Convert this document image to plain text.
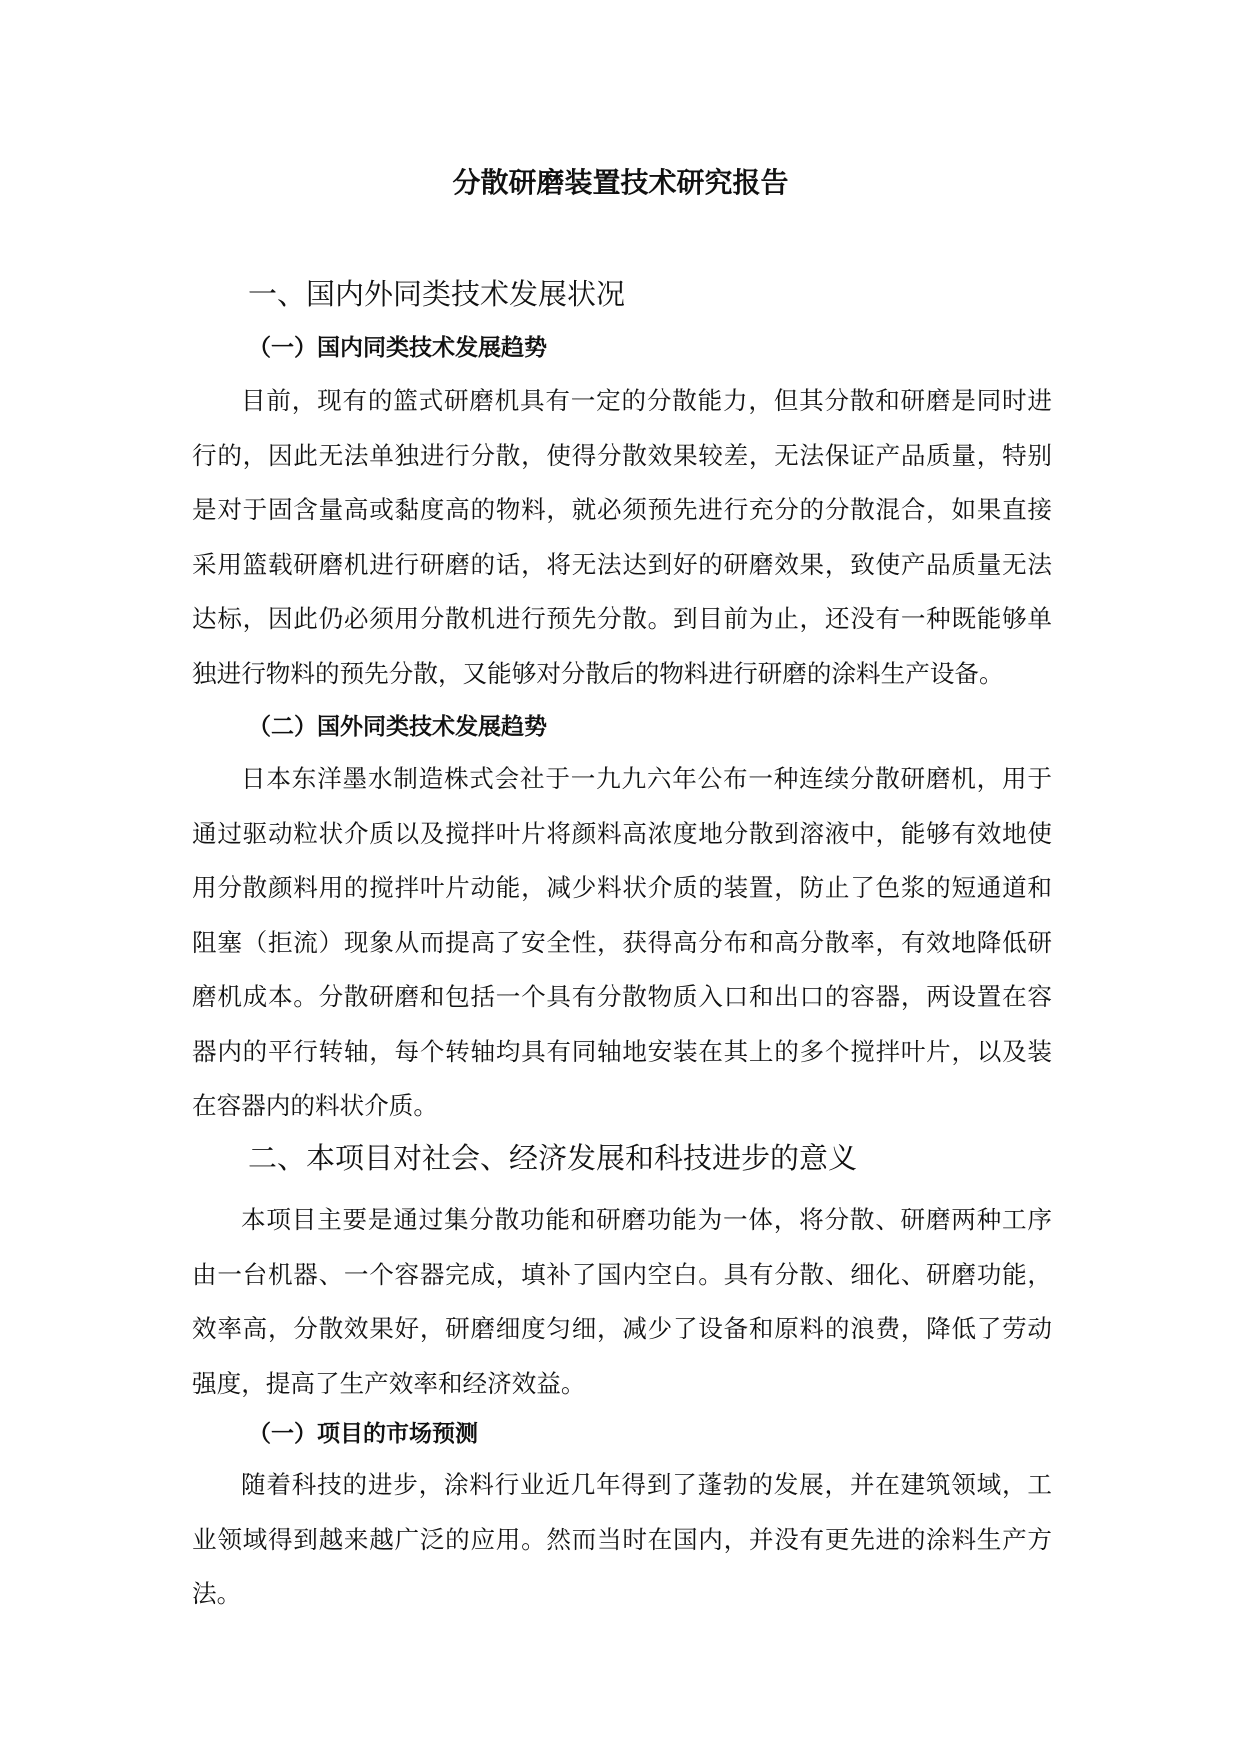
分散研磨装置技术研究报告
一、国内外同类技术发展状况
（一）国内同类技术发展趋势

目前，现有的篮式研磨机具有一定的分散能力，但其分散和研磨是同时进行的，因此无法单独进行分散，使得分散效果较差，无法保证产品质量，特别是对于固含量高或黏度高的物料，就必须预先进行充分的分散混合，如果直接采用篮载研磨机进行研磨的话，将无法达到好的研磨效果，致使产品质量无法达标，因此仍必须用分散机进行预先分散。到目前为止，还没有一种既能够单独进行物料的预先分散，又能够对分散后的物料进行研磨的涂料生产设备。

（二）国外同类技术发展趋势

日本东洋墨水制造株式会社于一九九六年公布一种连续分散研磨机，用于通过驱动粒状介质以及搅拌叶片将颜料高浓度地分散到溶液中，能够有效地使用分散颜料用的搅拌叶片动能，减少料状介质的装置，防止了色浆的短通道和阻塞（拒流）现象从而提高了安全性，获得高分布和高分散率，有效地降低研磨机成本。分散研磨和包括一个具有分散物质入口和出口的容器，两设置在容器内的平行转轴，每个转轴均具有同轴地安装在其上的多个搅拌叶片，以及装在容器内的料状介质。

二、本项目对社会、经济发展和科技进步的意义

本项目主要是通过集分散功能和研磨功能为一体，将分散、研磨两种工序由一台机器、一个容器完成，填补了国内空白。具有分散、细化、研磨功能，效率高，分散效果好，研磨细度匀细，减少了设备和原料的浪费，降低了劳动强度，提高了生产效率和经济效益。

（一）项目的市场预测

随着科技的进步，涂料行业近几年得到了蓬勃的发展，并在建筑领域，工业领域得到越来越广泛的应用。然而当时在国内，并没有更先进的涂料生产方法。
